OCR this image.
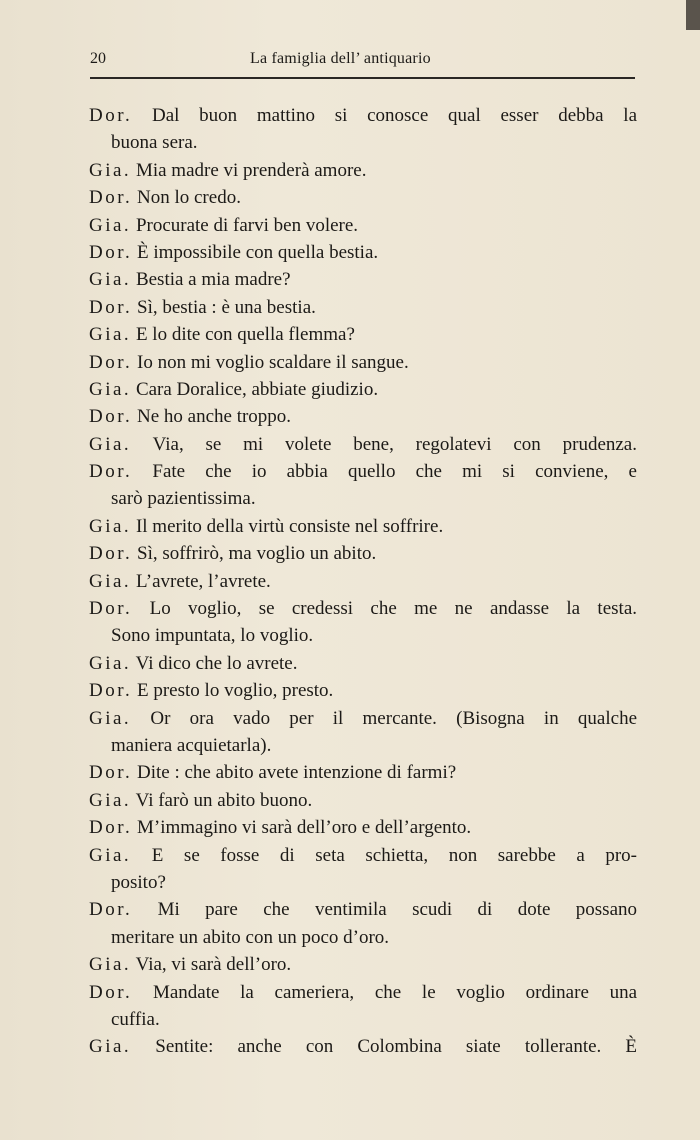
20	La famiglia dell’ antiquario
Dor. Dal buon mattino si conosce qual esser debba la
buona sera.
Gia. Mia madre vi prenderà amore.
Dor. Non lo credo.
Gia. Procurate di farvi ben volere.
Dor. È impossibile con quella bestia.
Gia. Bestia a mia madre?
Dor. Sì, bestia : è una bestia.
Gia. E lo dite con quella flemma?
Dor. Io non mi voglio scaldare il sangue.
Gia. Cara Doralice, abbiate giudizio.
Dor. Ne ho anche troppo.
Gia. Via, se mi volete bene, regolatevi con prudenza.
Dor. Fate che io abbia quello che mi si conviene, e
sarò pazientissima.
Gia. Il merito della virtù consiste nel soffrire.
Dor. Sì, soffrirò, ma voglio un abito.
Gia. L’avrete, l’avrete.
Dor. Lo voglio, se credessi che me ne andasse la testa.
Sono impuntata, lo voglio.
Gia. Vi dico che lo avrete.
Dor. E presto lo voglio, presto.
Gia. Or ora vado per il mercante. (Bisogna in qualche
maniera acquietarla).
Dor. Dite : che abito avete intenzione di farmi?
Gia. Vi farò un abito buono.
Dor. M’immagino vi sarà dell’oro e dell’argento.
Gia. E se fosse di seta schietta, non sarebbe a pro-
posito?
Dor. Mi pare che ventimila scudi di dote possano
meritare un abito con un poco d’oro.
Gia. Via, vi sarà dell’oro.
Dor. Mandate la cameriera, che le voglio ordinare una
cuffia.
Gia. Sentite: anche con Colombina siate tollerante. È
